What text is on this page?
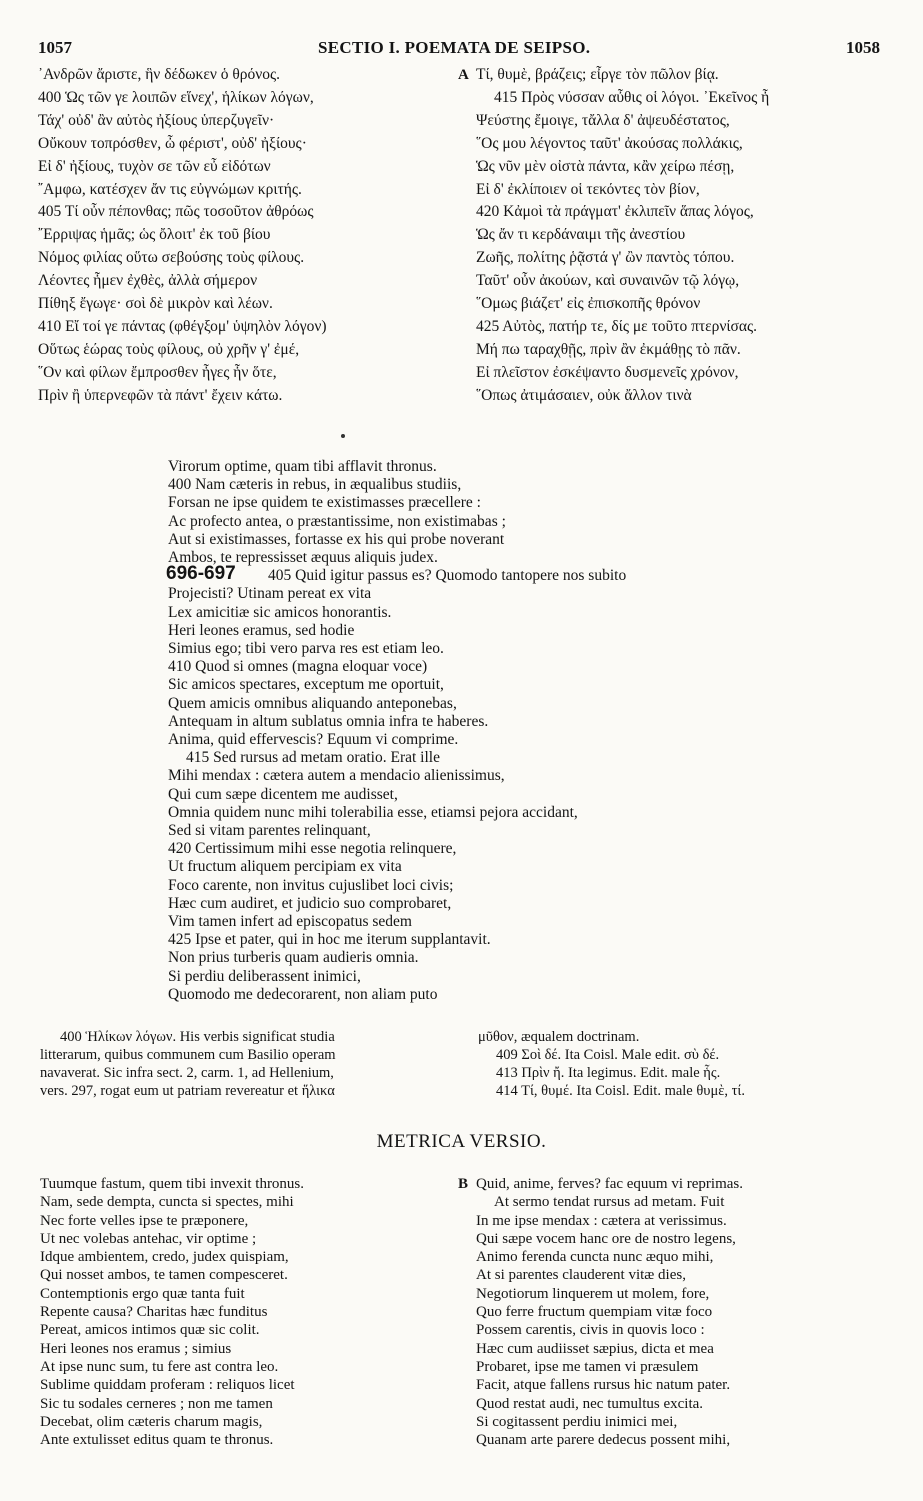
1057	SECTIO I. POEMATA DE SEIPSO.	1058
᾿Ανδρῶν ἄριστε, ἣν δέδωκεν ὁ θρόνος.
400 Ὡς τῶν γε λοιπῶν εἵνεχ', ἡλίκων λόγων,
Τάχ' οὐδ' ἂν αὐτὸς ἠξίους ὑπερζυγεῖν·
Οὔκουν τοπρόσθεν, ὦ φέριστ', οὐδ' ἠξίους·
Εἰ δ' ἠξίους, τυχὸν σε τῶν εὖ εἰδότων
῎Αμφω, κατέσχεν ἄν τις εὐγνώμων κριτής.
405 Τί οὖν πέπονθας; πῶς τοσοῦτον ἀθρόως
῎Ερριψας ἡμᾶς; ὡς ὄλοιτ' ἐκ τοῦ βίου
Νόμος φιλίας οὕτω σεβούσης τοὺς φίλους.
Λέοντες ἦμεν ἐχθὲς, ἀλλὰ σήμερον
Πίθηξ ἔγωγε· σοὶ δὲ μικρὸν καὶ λέων.
410 Εἴ τοί γε πάντας (φθέγξομ' ὑψηλὸν λόγον)
Οὕτως ἑώρας τοὺς φίλους, οὐ χρῆν γ' ἐμέ,
῞Ον καὶ φίλων ἔμπροσθεν ἦγες ἦν ὅτε,
Πρὶν ἢ ὑπερνεφῶν τὰ πάντ' ἔχειν κάτω.
A Τί, θυμὲ, βράζεις; εἶργε τὸν πῶλον βίᾳ.
415 Πρὸς νύσσαν αὖθις οἱ λόγοι. ᾿Εκεῖνος ἦ
Ψεύστης ἔμοιγε, τἄλλα δ' ἀψευδέστατος,
῞Ος μου λέγοντος ταῦτ' ἀκούσας πολλάκις,
Ὡς νῦν μὲν οἰστὰ πάντα, κἂν χείρω πέσῃ,
Εἰ δ' ἐκλίποιεν οἱ τεκόντες τὸν βίον,
420 Κἀμοὶ τὰ πράγματ' ἐκλιπεῖν ἅπας λόγος,
Ὡς ἄν τι κερδάναιμι τῆς ἀνεστίου
Ζωῆς, πολίτης ῥᾷστά γ' ὢν παντὸς τόπου.
Ταῦτ' οὖν ἀκούων, καὶ συναινῶν τῷ λόγῳ,
῞Ομως βιάζετ' εἰς ἐπισκοπῆς θρόνον
425 Αὐτὸς, πατήρ τε, δίς με τοῦτο πτερνίσας.
Μή πω ταραχθῇς, πρὶν ἂν ἐκμάθῃς τὸ πᾶν.
Εἰ πλεῖστον ἐσκέψαντο δυσμενεῖς χρόνον,
῞Οπως ἀτιμάσαιεν, οὐκ ἄλλον τινὰ
696-697
Virorum optime, quam tibi afflavit thronus.
400 Nam cæteris in rebus, in æqualibus studiis,
Forsan ne ipse quidem te existimasses præcellere :
Ac profecto antea, o præstantissime, non existimabas ;
Aut si existimasses, fortasse ex his qui probe noverant
Ambos, te repressisset æquus aliquis judex.
405 Quid igitur passus es? Quomodo tantopere nos subito
Projecisti? Utinam pereat ex vita
Lex amicitiæ sic amicos honorantis.
Heri leones eramus, sed hodie
Simius ego; tibi vero parva res est etiam leo.
410 Quod si omnes (magna eloquar voce)
Sic amicos spectares, exceptum me oportuit,
Quem amicis omnibus aliquando anteponebas,
Antequam in altum sublatus omnia infra te haberes.
Anima, quid effervescis? Equum vi comprime.
415 Sed rursus ad metam oratio. Erat ille
Mihi mendax : cætera autem a mendacio alienissimus,
Qui cum sæpe dicentem me audisset,
Omnia quidem nunc mihi tolerabilia esse, etiamsi pejora accidant,
Sed si vitam parentes relinquant,
420 Certissimum mihi esse negotia relinquere,
Ut fructum aliquem percipiam ex vita
Foco carente, non invitus cujuslibet loci civis;
Hæc cum audiret, et judicio suo comprobaret,
Vim tamen infert ad episcopatus sedem
425 Ipse et pater, qui in hoc me iterum supplantavit.
Non prius turberis quam audieris omnia.
Si perdiu deliberassent inimici,
Quomodo me dedecorarent, non aliam puto
400 Ἡλίκων λόγων. His verbis significat studia
litterarum, quibus communem cum Basilio operam
navaverat. Sic infra sect. 2, carm. 1, ad Hellenium,
vers. 297, rogat eum ut patriam revereatur et ἥλικα
μῦθον, æqualem doctrinam.
409 Σοὶ δέ. Ita Coisl. Male edit. σὺ δέ.
413 Πρὶν ἤ. Ita legimus. Edit. male ἧς.
414 Τί, θυμέ. Ita Coisl. Edit. male θυμὲ, τί.
METRICA VERSIO.
Tuumque fastum, quem tibi invexit thronus.
Nam, sede dempta, cuncta si spectes, mihi
Nec forte velles ipse te præponere,
Ut nec volebas antehac, vir optime ;
Idque ambientem, credo, judex quispiam,
Qui nosset ambos, te tamen compesceret.
Contemptionis ergo quæ tanta fuit
Repente causa? Charitas hæc funditus
Pereat, amicos intimos quæ sic colit.
Heri leones nos eramus ; simius
At ipse nunc sum, tu fere ast contra leo.
Sublime quiddam proferam : reliquos licet
Sic tu sodales cerneres ; non me tamen
Decebat, olim cæteris charum magis,
Ante extulisset editus quam te thronus.
B Quid, anime, ferves? fac equum vi reprimas.
At sermo tendat rursus ad metam. Fuit
In me ipse mendax : cætera at verissimus.
Qui sæpe vocem hanc ore de nostro legens,
Animo ferenda cuncta nunc æquo mihi,
At si parentes clauderent vitæ dies,
Negotiorum linquerem ut molem, fore,
Quo ferre fructum quempiam vitæ foco
Possem carentis, civis in quovis loco :
Hæc cum audiisset sæpius, dicta et mea
Probaret, ipse me tamen vi præsulem
Facit, atque fallens rursus hic natum pater.
Quod restat audi, nec tumultus excita.
Si cogitassent perdiu inimici mei,
Quanam arte parere dedecus possent mihi,
